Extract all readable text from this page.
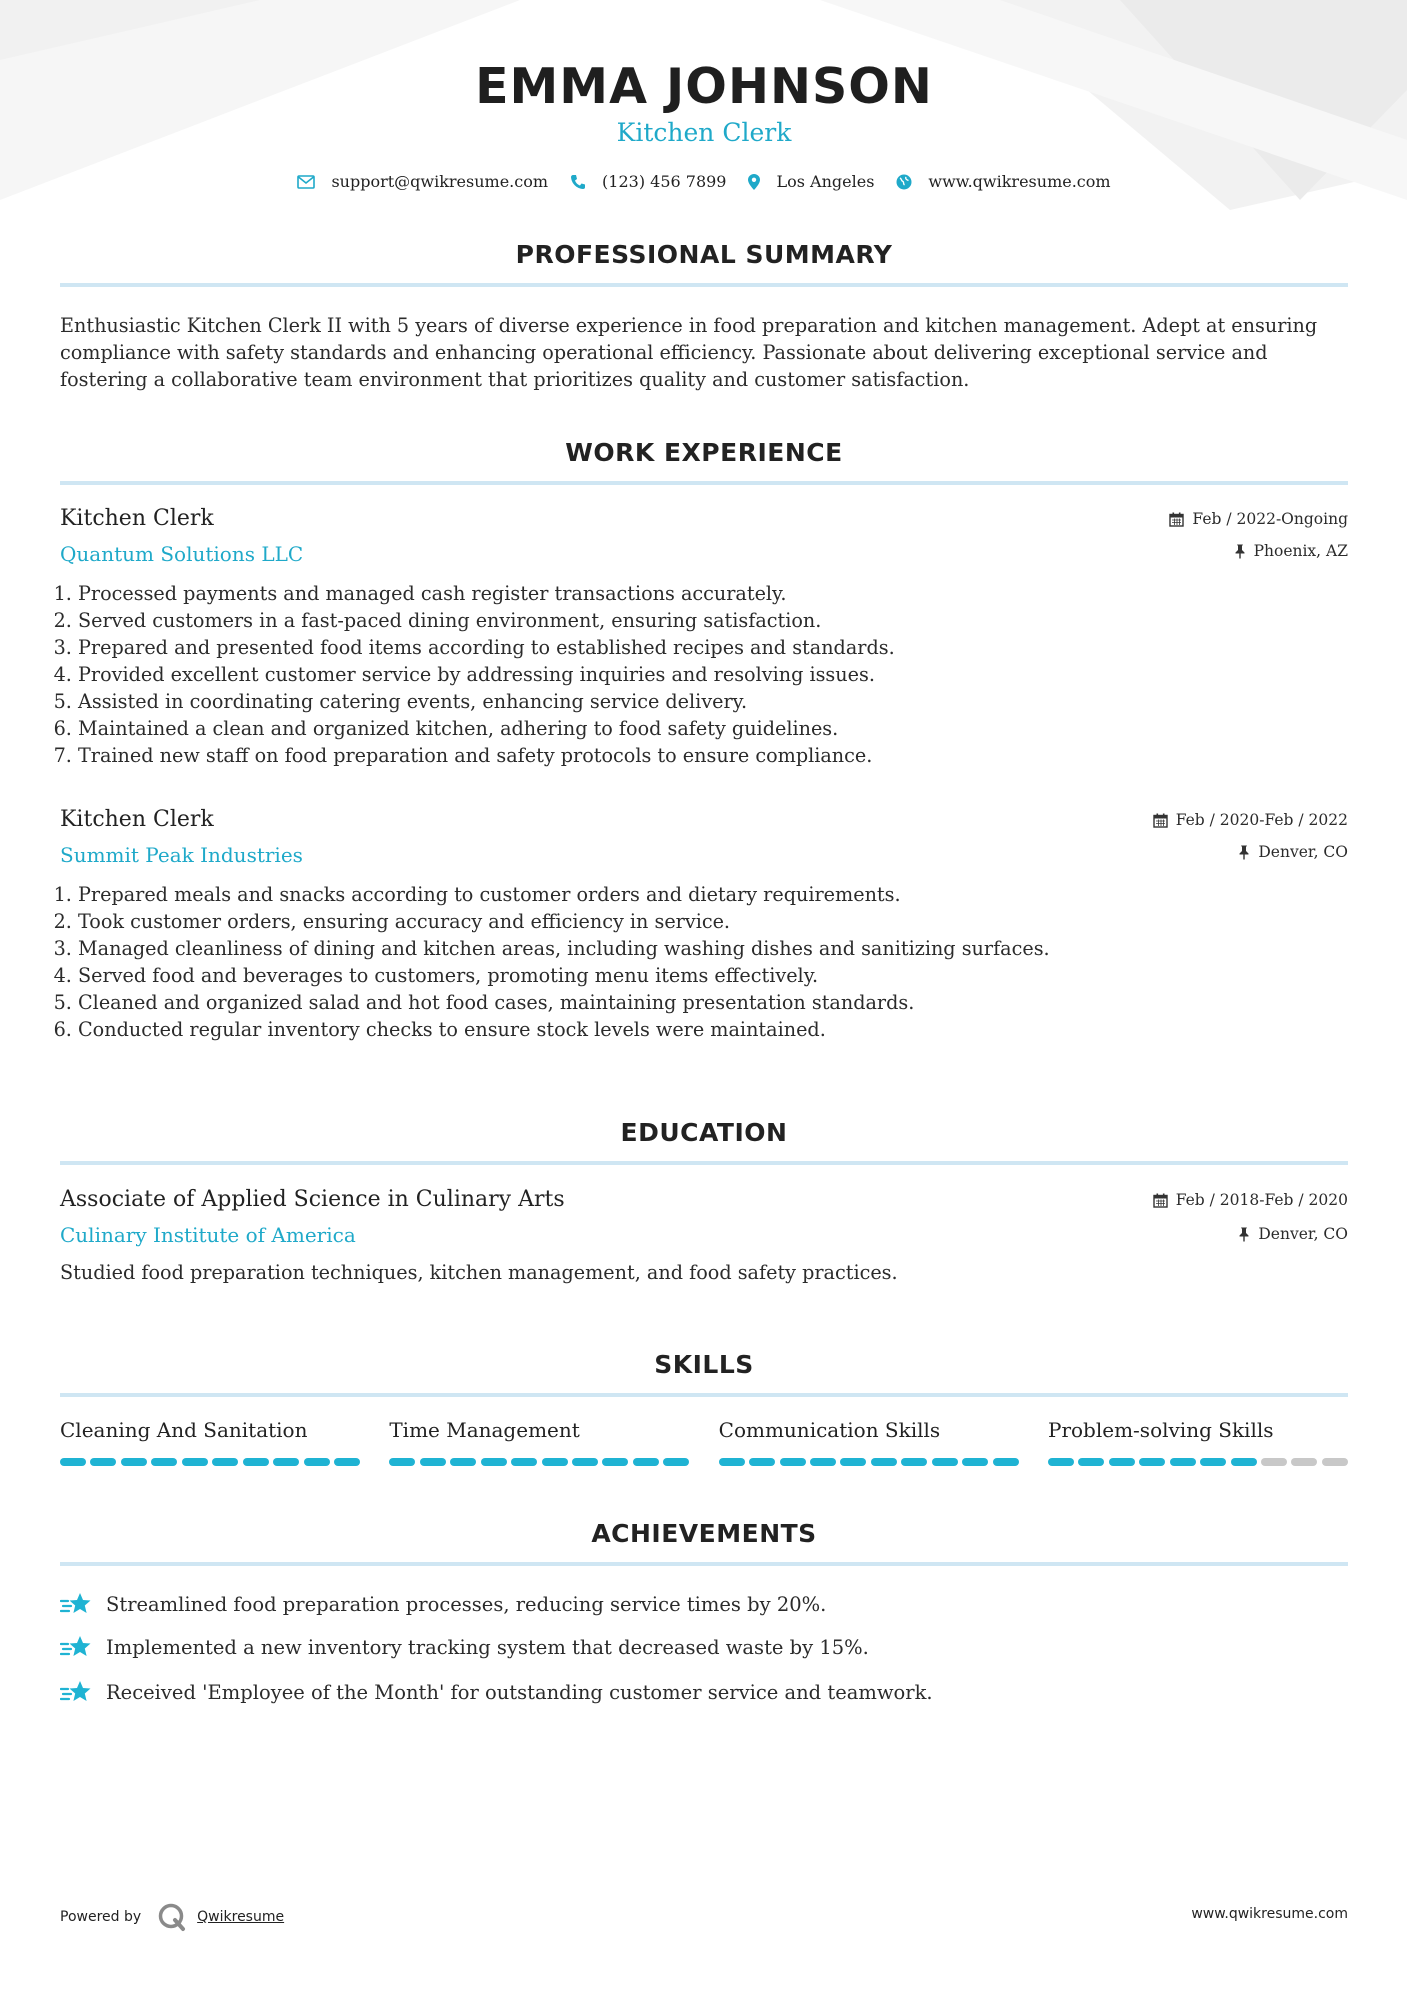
EMMA JOHNSON
Kitchen Clerk
support@qwikresume.com	(123) 456 7899	Los Angeles	www.qwikresume.com
PROFESSIONAL SUMMARY
Enthusiastic Kitchen Clerk II with 5 years of diverse experience in food preparation and kitchen management. Adept at ensuring compliance with safety standards and enhancing operational efficiency. Passionate about delivering exceptional service and fostering a collaborative team environment that prioritizes quality and customer satisfaction.
WORK EXPERIENCE
Kitchen Clerk
Quantum Solutions LLC
Feb / 2022-Ongoing
Phoenix, AZ
1. Processed payments and managed cash register transactions accurately.
2. Served customers in a fast-paced dining environment, ensuring satisfaction.
3. Prepared and presented food items according to established recipes and standards.
4. Provided excellent customer service by addressing inquiries and resolving issues.
5. Assisted in coordinating catering events, enhancing service delivery.
6. Maintained a clean and organized kitchen, adhering to food safety guidelines.
7. Trained new staff on food preparation and safety protocols to ensure compliance.
Kitchen Clerk
Summit Peak Industries
Feb / 2020-Feb / 2022
Denver, CO
1. Prepared meals and snacks according to customer orders and dietary requirements.
2. Took customer orders, ensuring accuracy and efficiency in service.
3. Managed cleanliness of dining and kitchen areas, including washing dishes and sanitizing surfaces.
4. Served food and beverages to customers, promoting menu items effectively.
5. Cleaned and organized salad and hot food cases, maintaining presentation standards.
6. Conducted regular inventory checks to ensure stock levels were maintained.
EDUCATION
Associate of Applied Science in Culinary Arts
Culinary Institute of America
Feb / 2018-Feb / 2020
Denver, CO
Studied food preparation techniques, kitchen management, and food safety practices.
SKILLS
Cleaning And Sanitation	Time Management	Communication Skills	Problem-solving Skills
ACHIEVEMENTS
Streamlined food preparation processes, reducing service times by 20%.
Implemented a new inventory tracking system that decreased waste by 15%.
Received 'Employee of the Month' for outstanding customer service and teamwork.
Powered by	Qwikresume	www.qwikresume.com
